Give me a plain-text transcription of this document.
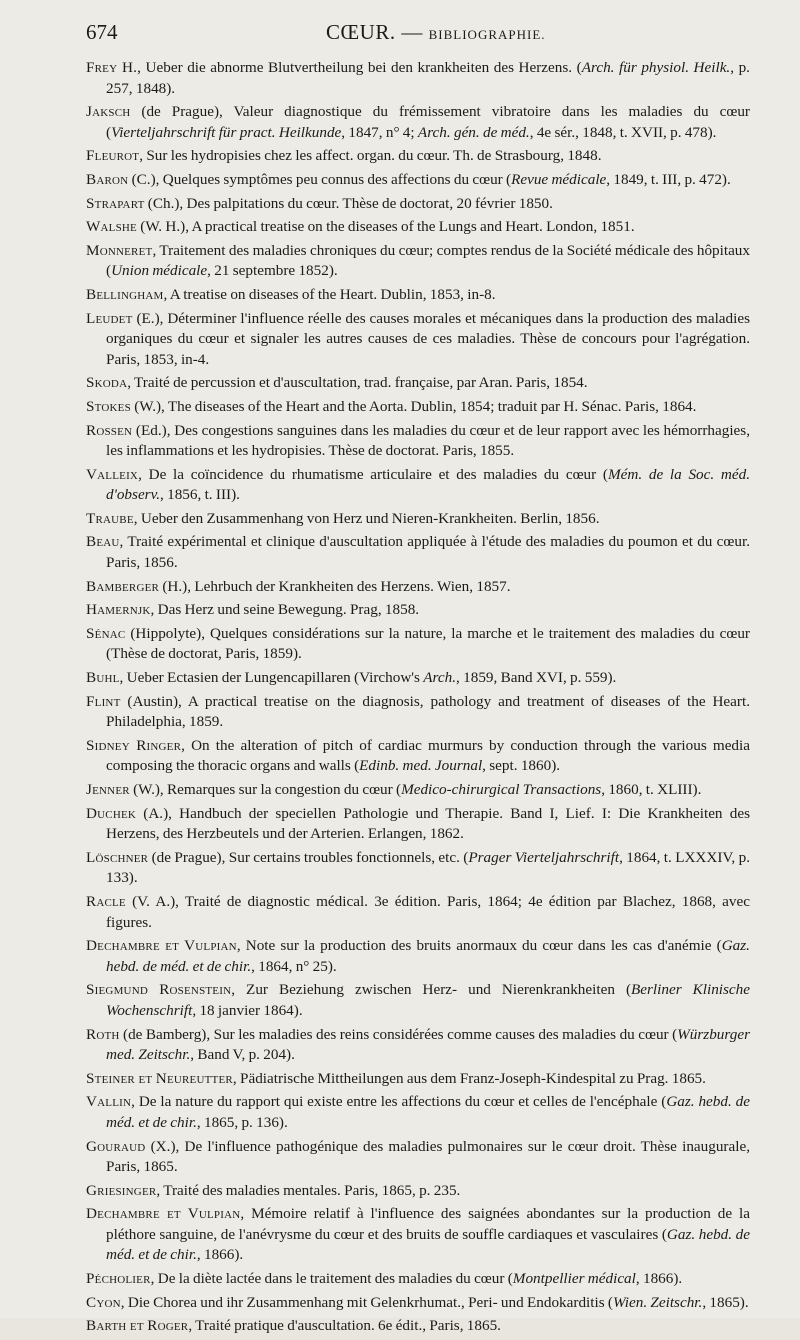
674	CŒUR. — BIBLIOGRAPHIE.

Frey H., Ueber die abnorme Blutvertheilung bei den krankheiten des Herzens. (Arch. für physiol. Heilk., p. 257, 1848).

Jaksch (de Prague), Valeur diagnostique du frémissement vibratoire dans les maladies du cœur (Vierteljahrschrift für pract. Heilkunde, 1847, n° 4; Arch. gén. de méd., 4e sér., 1848, t. XVII, p. 478).

Fleurot, Sur les hydropisies chez les affect. organ. du cœur. Th. de Strasbourg, 1848.

Baron (C.), Quelques symptômes peu connus des affections du cœur (Revue médicale, 1849, t. III, p. 472).

Strapart (Ch.), Des palpitations du cœur. Thèse de doctorat, 20 février 1850.

Walshe (W. H.), A practical treatise on the diseases of the Lungs and Heart. London, 1851.

Monneret, Traitement des maladies chroniques du cœur; comptes rendus de la Société médicale des hôpitaux (Union médicale, 21 septembre 1852).

Bellingham, A treatise on diseases of the Heart. Dublin, 1853, in-8.

Leudet (E.), Déterminer l'influence réelle des causes morales et mécaniques dans la production des maladies organiques du cœur et signaler les autres causes de ces maladies. Thèse de concours pour l'agrégation. Paris, 1853, in-4.

Skoda, Traité de percussion et d'auscultation, trad. française, par Aran. Paris, 1854.

Stokes (W.), The diseases of the Heart and the Aorta. Dublin, 1854; traduit par H. Sénac. Paris, 1864.

Rossen (Ed.), Des congestions sanguines dans les maladies du cœur et de leur rapport avec les hémorrhagies, les inflammations et les hydropisies. Thèse de doctorat. Paris, 1855.

Valleix, De la coïncidence du rhumatisme articulaire et des maladies du cœur (Mém. de la Soc. méd. d'observ., 1856, t. III).

Traube, Ueber den Zusammenhang von Herz und Nieren-Krankheiten. Berlin, 1856.

Beau, Traité expérimental et clinique d'auscultation appliquée à l'étude des maladies du poumon et du cœur. Paris, 1856.

Bamberger (H.), Lehrbuch der Krankheiten des Herzens. Wien, 1857.

Hamernjk, Das Herz und seine Bewegung. Prag, 1858.

Sénac (Hippolyte), Quelques considérations sur la nature, la marche et le traitement des maladies du cœur (Thèse de doctorat, Paris, 1859).

Buhl, Ueber Ectasien der Lungencapillaren (Virchow's Arch., 1859, Band XVI, p. 559).

Flint (Austin), A practical treatise on the diagnosis, pathology and treatment of diseases of the Heart. Philadelphia, 1859.

Sidney Ringer, On the alteration of pitch of cardiac murmurs by conduction through the various media composing the thoracic organs and walls (Edinb. med. Journal, sept. 1860).

Jenner (W.), Remarques sur la congestion du cœur (Medico-chirurgical Transactions, 1860, t. XLIII).

Duchek (A.), Handbuch der speciellen Pathologie und Therapie. Band I, Lief. I: Die Krankheiten des Herzens, des Herzbeutels und der Arterien. Erlangen, 1862.

Löschner (de Prague), Sur certains troubles fonctionnels, etc. (Prager Vierteljahrschrift, 1864, t. LXXXIV, p. 133).

Racle (V. A.), Traité de diagnostic médical. 3e édition. Paris, 1864; 4e édition par Blachez, 1868, avec figures.

Dechambre et Vulpian, Note sur la production des bruits anormaux du cœur dans les cas d'anémie (Gaz. hebd. de méd. et de chir., 1864, n° 25).

Siegmund Rosenstein, Zur Beziehung zwischen Herz- und Nierenkrankheiten (Berliner Klinische Wochenschrift, 18 janvier 1864).

Roth (de Bamberg), Sur les maladies des reins considérées comme causes des maladies du cœur (Würzburger med. Zeitschr., Band V, p. 204).

Steiner et Neureutter, Pädiatrische Mittheilungen aus dem Franz-Joseph-Kindespital zu Prag. 1865.

Vallin, De la nature du rapport qui existe entre les affections du cœur et celles de l'encéphale (Gaz. hebd. de méd. et de chir., 1865, p. 136).

Gouraud (X.), De l'influence pathogénique des maladies pulmonaires sur le cœur droit. Thèse inaugurale, Paris, 1865.

Griesinger, Traité des maladies mentales. Paris, 1865, p. 235.

Dechambre et Vulpian, Mémoire relatif à l'influence des saignées abondantes sur la production de la pléthore sanguine, de l'anévrysme du cœur et des bruits de souffle cardiaques et vasculaires (Gaz. hebd. de méd. et de chir., 1866).

Pécholier, De la diète lactée dans le traitement des maladies du cœur (Montpellier médical, 1866).

Cyon, Die Chorea und ihr Zusammenhang mit Gelenkrhumat., Peri- und Endokarditis (Wien. Zeitschr., 1865).

Barth et Roger, Traité pratique d'auscultation. 6e édit., Paris, 1865.
